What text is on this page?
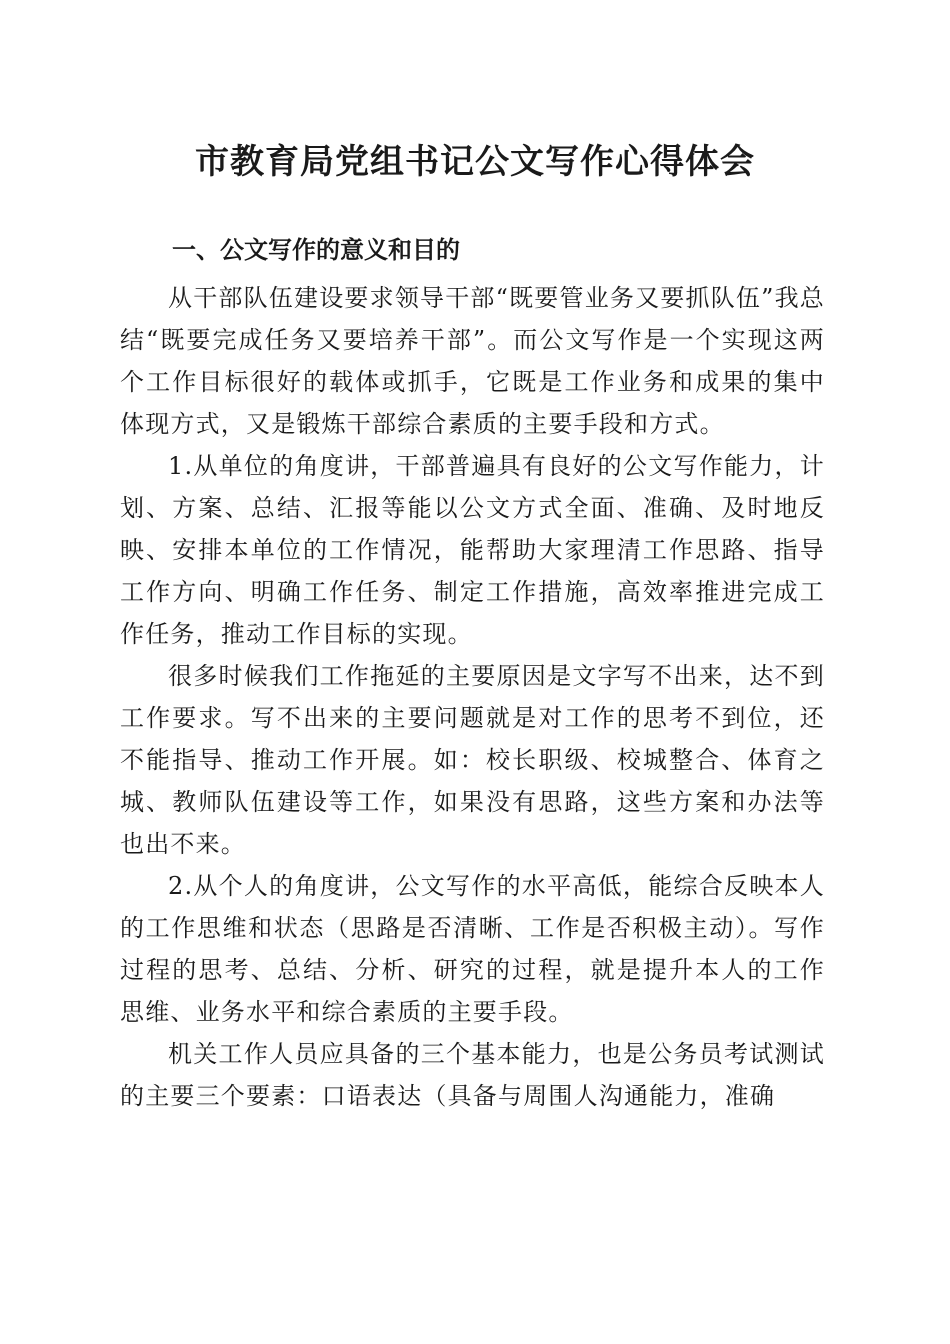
市教育局党组书记公文写作心得体会
一、公文写作的意义和目的

从干部队伍建设要求领导干部“既要管业务又要抓队伍”我总结“既要完成任务又要培养干部”。而公文写作是一个实现这两个工作目标很好的载体或抓手，它既是工作业务和成果的集中体现方式，又是锻炼干部综合素质的主要手段和方式。

1.从单位的角度讲，干部普遍具有良好的公文写作能力，计划、方案、总结、汇报等能以公文方式全面、准确、及时地反映、安排本单位的工作情况，能帮助大家理清工作思路、指导工作方向、明确工作任务、制定工作措施，高效率推进完成工作任务，推动工作目标的实现。

很多时候我们工作拖延的主要原因是文字写不出来，达不到工作要求。写不出来的主要问题就是对工作的思考不到位，还不能指导、推动工作开展。如：校长职级、校城整合、体育之城、教师队伍建设等工作，如果没有思路，这些方案和办法等也出不来。

2.从个人的角度讲，公文写作的水平高低，能综合反映本人的工作思维和状态（思路是否清晰、工作是否积极主动）。写作过程的思考、总结、分析、研究的过程，就是提升本人的工作思维、业务水平和综合素质的主要手段。

机关工作人员应具备的三个基本能力，也是公务员考试测试的主要三个要素：口语表达（具备与周围人沟通能力，准确
